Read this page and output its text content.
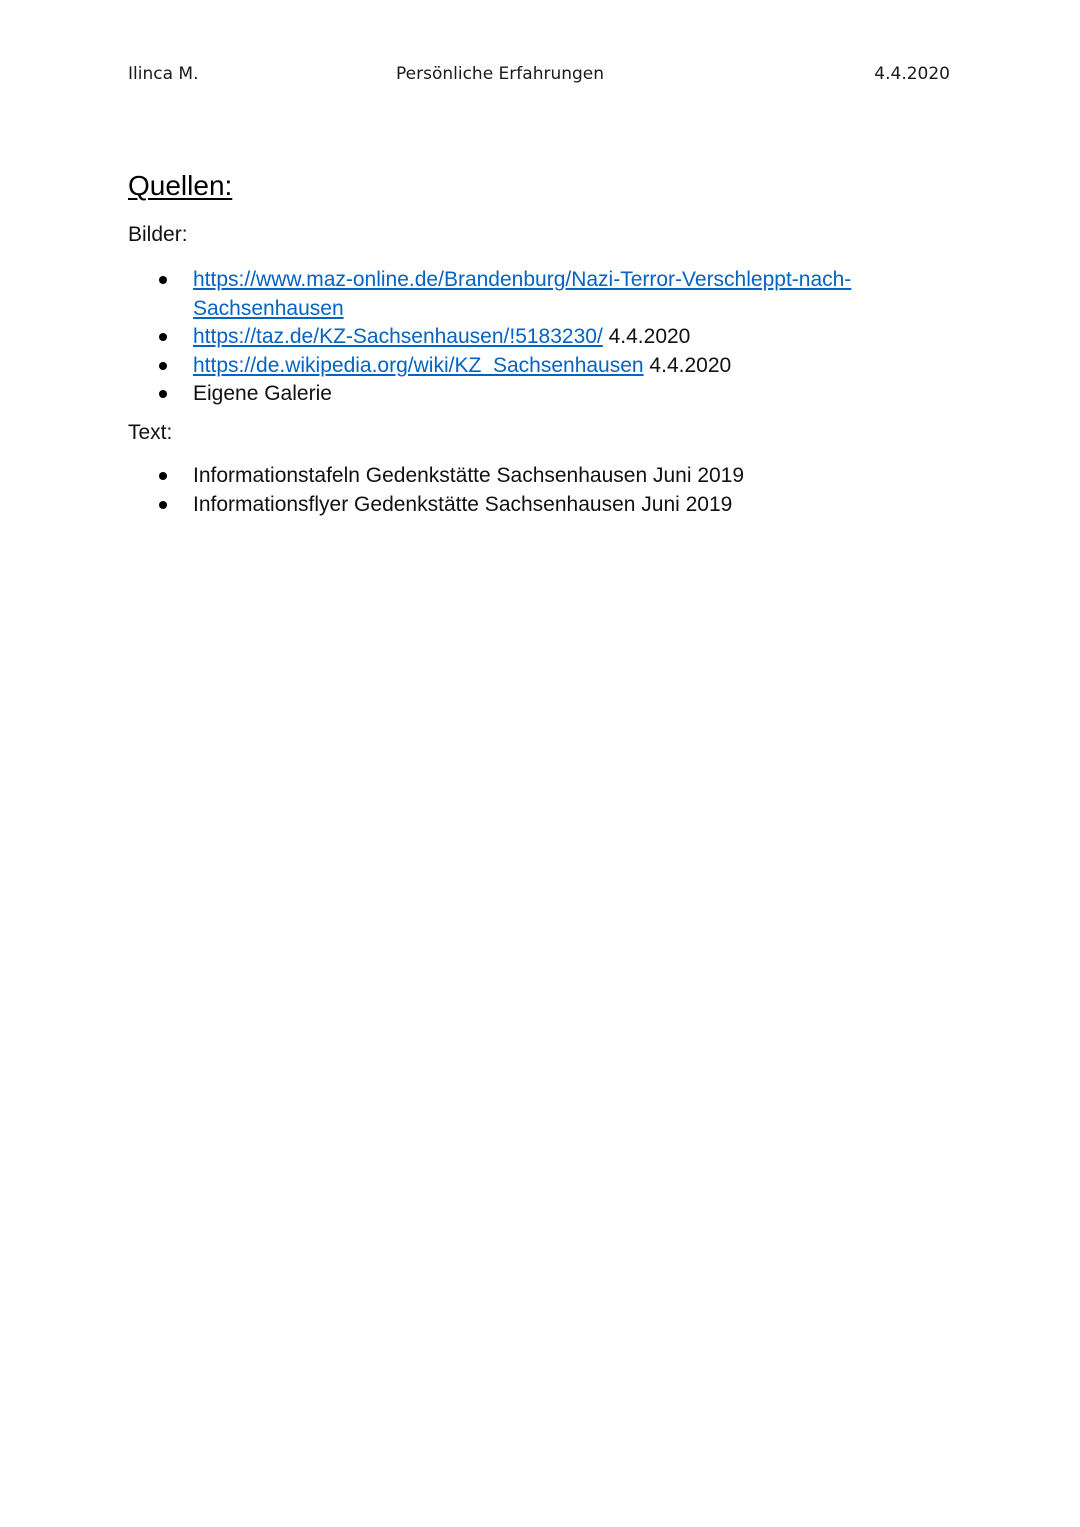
Ilinca M.	Persönliche Erfahrungen	4.4.2020
Quellen:
Bilder:
https://www.maz-online.de/Brandenburg/Nazi-Terror-Verschleppt-nach-
Sachsenhausen
https://taz.de/KZ-Sachsenhausen/!5183230/ 4.4.2020
https://de.wikipedia.org/wiki/KZ_Sachsenhausen 4.4.2020
Eigene Galerie
Text:
Informationstafeln Gedenkstätte Sachsenhausen Juni 2019
Informationsflyer Gedenkstätte Sachsenhausen Juni 2019
